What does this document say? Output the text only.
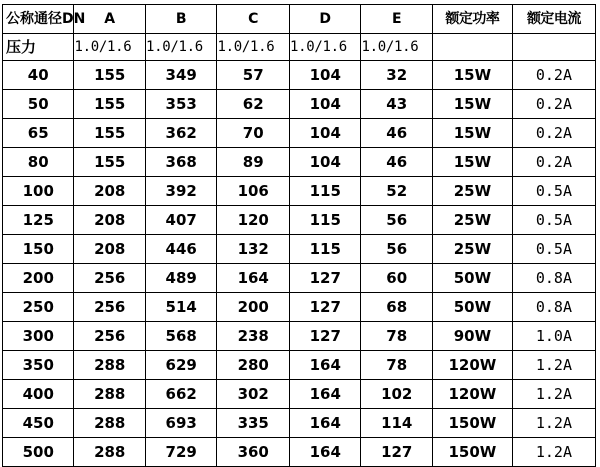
公称通径DN	A	B	C	D	E	额定功率	额定电流
压力	1.0/1.6	1.0/1.6	1.0/1.6	1.0/1.6	1.0/1.6		
40	155	349	57	104	32	15W	0.2A
50	155	353	62	104	43	15W	0.2A
65	155	362	70	104	46	15W	0.2A
80	155	368	89	104	46	15W	0.2A
100	208	392	106	115	52	25W	0.5A
125	208	407	120	115	56	25W	0.5A
150	208	446	132	115	56	25W	0.5A
200	256	489	164	127	60	50W	0.8A
250	256	514	200	127	68	50W	0.8A
300	256	568	238	127	78	90W	1.0A
350	288	629	280	164	78	120W	1.2A
400	288	662	302	164	102	120W	1.2A
450	288	693	335	164	114	150W	1.2A
500	288	729	360	164	127	150W	1.2A
